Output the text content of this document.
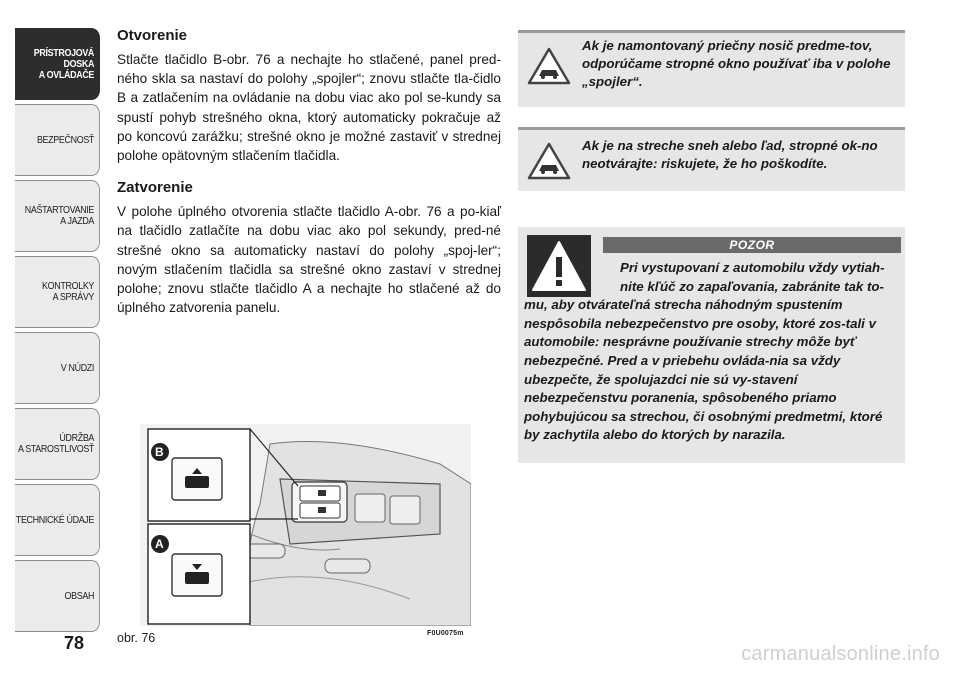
PRÍSTROJOVÁ
DOSKA
A OVLÁDAČE
BEZPEČNOSŤ
NAŠTARTOVANIE
A JAZDA
KONTROLKY
A SPRÁVY
V NÚDZI
ÚDRŽBA
A STAROSTLIVOSŤ
TECHNICKÉ ÚDAJE
OBSAH
78
Otvorenie

Stlačte tlačidlo B-obr. 76 a nechajte ho stlačené, panel pred-ného skla sa nastaví do polohy „spojler“; znovu stlačte tla-čidlo B a zatlačením na ovládanie na dobu viac ako pol se-kundy sa spustí pohyb strešného okna, ktorý automaticky pokračuje až po koncovú zarážku; strešné okno je možné zastaviť v strednej polohe opätovným stlačením tlačidla.

Zatvorenie

V polohe úplného otvorenia stlačte tlačidlo A-obr. 76 a po-kiaľ na tlačidlo zatlačíte na dobu viac ako pol sekundy, pred-né strešné okno sa automaticky nastaví do polohy „spoj-ler“; novým stlačením tlačidla sa strešné okno zastaví v strednej polohe; znovu stlačte tlačidlo A a nechajte ho stlačené až do úplného zatvorenia panelu.

B
A
obr. 76	F0U0075m
Ak je namontovaný priečny nosič predme-tov, odporúčame stropné okno používať iba v polohe „spojler“.
Ak je na streche sneh alebo ľad, stropné ok-no neotvárajte: riskujete, že ho poškodíte.
POZOR
Pri vystupovaní z automobilu vždy vytiah-nite kľúč zo zapaľovania, zabránite tak to-
mu, aby otvárateľná strecha náhodným spustením nespôsobila nebezpečenstvo pre osoby, ktoré zos-tali v automobile: nesprávne používanie strechy môže byť nebezpečné. Pred a v priebehu ovláda-nia sa vždy ubezpečte, že spolujazdci nie sú vy-stavení nebezpečenstvu poranenia, spôsobeného priamo pohybujúcou sa strechou, či osobnými predmetmi, ktoré by zachytila alebo do ktorých by narazila.
carmanualsonline.info
